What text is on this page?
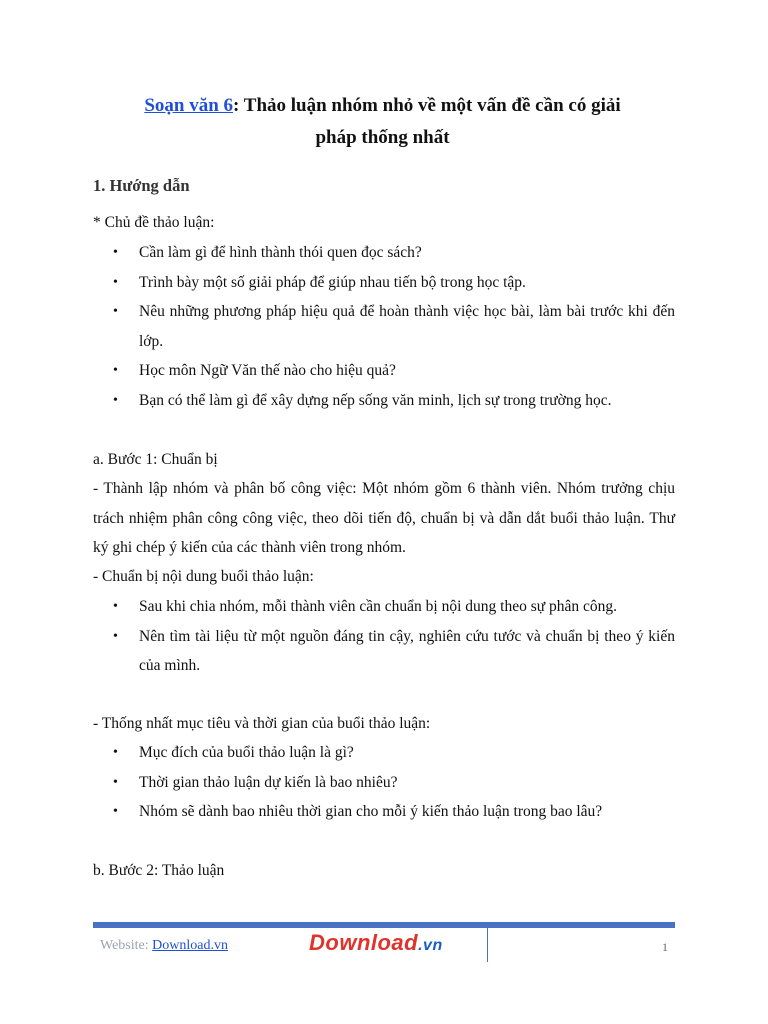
Soạn văn 6: Thảo luận nhóm nhỏ về một vấn đề cần có giải
pháp thống nhất
1. Hướng dẫn
* Chủ đề thảo luận:
• Cần làm gì để hình thành thói quen đọc sách?
• Trình bày một số giải pháp để giúp nhau tiến bộ trong học tập.
• Nêu những phương pháp hiệu quả để hoàn thành việc học bài, làm bài trước khi đến lớp.
• Học môn Ngữ Văn thế nào cho hiệu quả?
• Bạn có thể làm gì để xây dựng nếp sống văn minh, lịch sự trong trường học.
a. Bước 1: Chuẩn bị
- Thành lập nhóm và phân bố công việc: Một nhóm gồm 6 thành viên. Nhóm trưởng chịu trách nhiệm phân công công việc, theo dõi tiến độ, chuẩn bị và dẫn dắt buổi thảo luận. Thư ký ghi chép ý kiến của các thành viên trong nhóm.
- Chuẩn bị nội dung buổi thảo luận:
• Sau khi chia nhóm, mỗi thành viên cần chuẩn bị nội dung theo sự phân công.
• Nên tìm tài liệu từ một nguồn đáng tin cậy, nghiên cứu tước và chuẩn bị theo ý kiến của mình.
- Thống nhất mục tiêu và thời gian của buổi thảo luận:
• Mục đích của buổi thảo luận là gì?
• Thời gian thảo luận dự kiến là bao nhiêu?
• Nhóm sẽ dành bao nhiêu thời gian cho mỗi ý kiến thảo luận trong bao lâu?
b. Bước 2: Thảo luận
Website: Download.vn	Download.vn	1
